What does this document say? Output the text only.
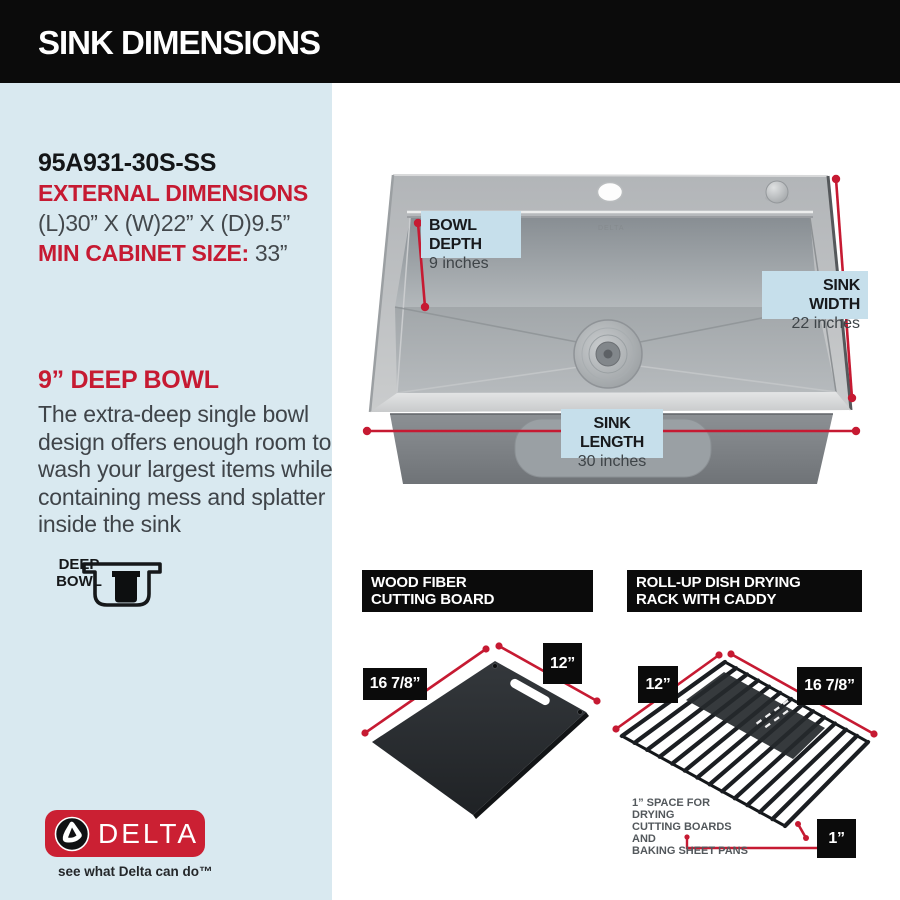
SINK DIMENSIONS
95A931-30S-SS
EXTERNAL DIMENSIONS
(L)30” X (W)22” X (D)9.5”
MIN CABINET SIZE: 33”
9” DEEP BOWL
The extra-deep single bowl design offers enough room to wash your largest items while containing mess and splatter inside the sink
DEEP
BOWL
DELTA
BOWL DEPTH
9 inches
SINK WIDTH
22 inches
SINK LENGTH
30 inches
WOOD FIBER
CUTTING BOARD
ROLL-UP DISH DRYING
RACK WITH CADDY
16 7/8”
12”
12”	16 7/8”
1”
1” SPACE FOR DRYING
CUTTING BOARDS AND
BAKING SHEET PANS
DELTA
see what Delta can do™
